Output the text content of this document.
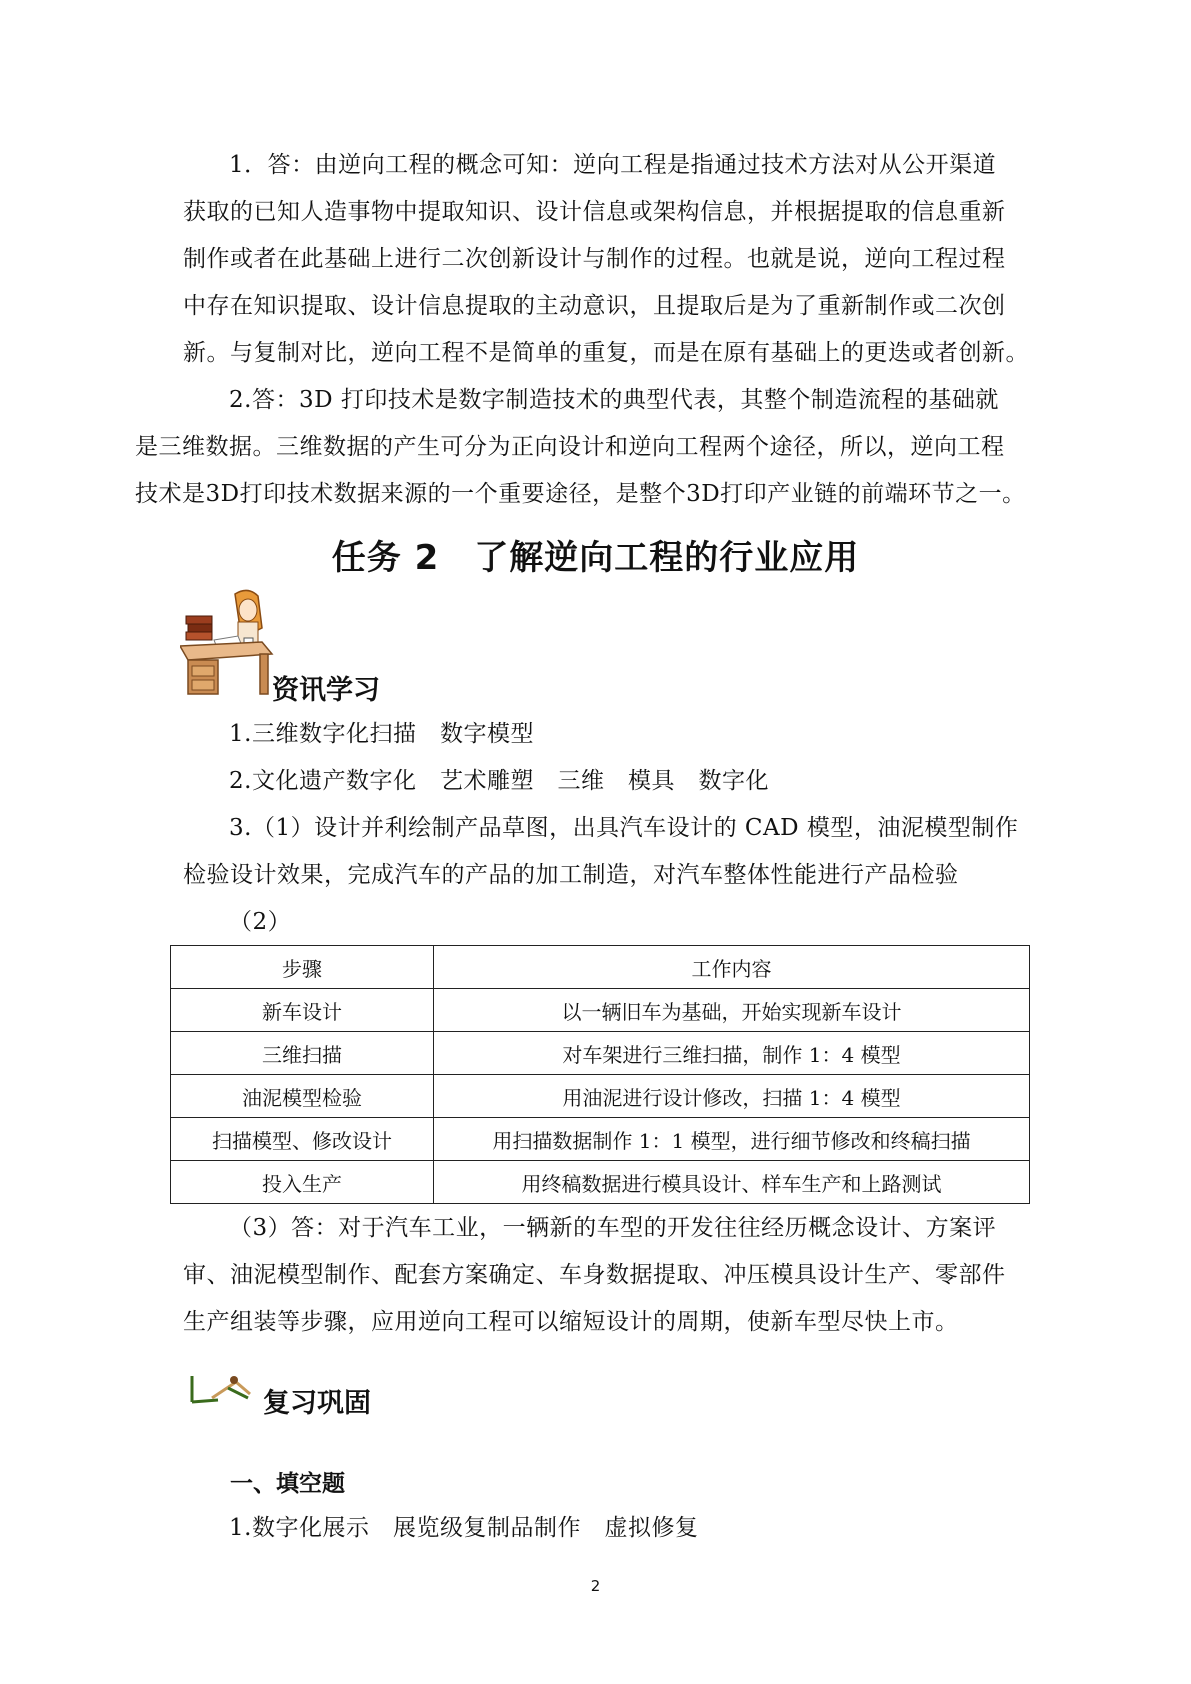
1．答：由逆向工程的概念可知：逆向工程是指通过技术方法对从公开渠道
获取的已知人造事物中提取知识、设计信息或架构信息，并根据提取的信息重新
制作或者在此基础上进行二次创新设计与制作的过程。也就是说，逆向工程过程
中存在知识提取、设计信息提取的主动意识，且提取后是为了重新制作或二次创
新。与复制对比，逆向工程不是简单的重复，而是在原有基础上的更迭或者创新。
2.答：3D 打印技术是数字制造技术的典型代表，其整个制造流程的基础就
是三维数据。三维数据的产生可分为正向设计和逆向工程两个途径，所以，逆向工程
技术是3D打印技术数据来源的一个重要途径，是整个3D打印产业链的前端环节之一。
任务 2　了解逆向工程的行业应用
资讯学习
1.三维数字化扫描　数字模型
2.文化遗产数字化　艺术雕塑　三维　模具　数字化
3.（1）设计并利绘制产品草图，出具汽车设计的 CAD 模型，油泥模型制作
检验设计效果，完成汽车的产品的加工制造，对汽车整体性能进行产品检验
（2）
步骤	工作内容
新车设计	以一辆旧车为基础，开始实现新车设计
三维扫描	对车架进行三维扫描，制作 1：4 模型
油泥模型检验	用油泥进行设计修改，扫描 1：4 模型
扫描模型、修改设计	用扫描数据制作 1：1 模型，进行细节修改和终稿扫描
投入生产	用终稿数据进行模具设计、样车生产和上路测试
（3）答：对于汽车工业，一辆新的车型的开发往往经历概念设计、方案评
审、油泥模型制作、配套方案确定、车身数据提取、冲压模具设计生产、零部件
生产组装等步骤，应用逆向工程可以缩短设计的周期，使新车型尽快上市。
复习巩固
一、填空题
1.数字化展示　展览级复制品制作　虚拟修复
2
